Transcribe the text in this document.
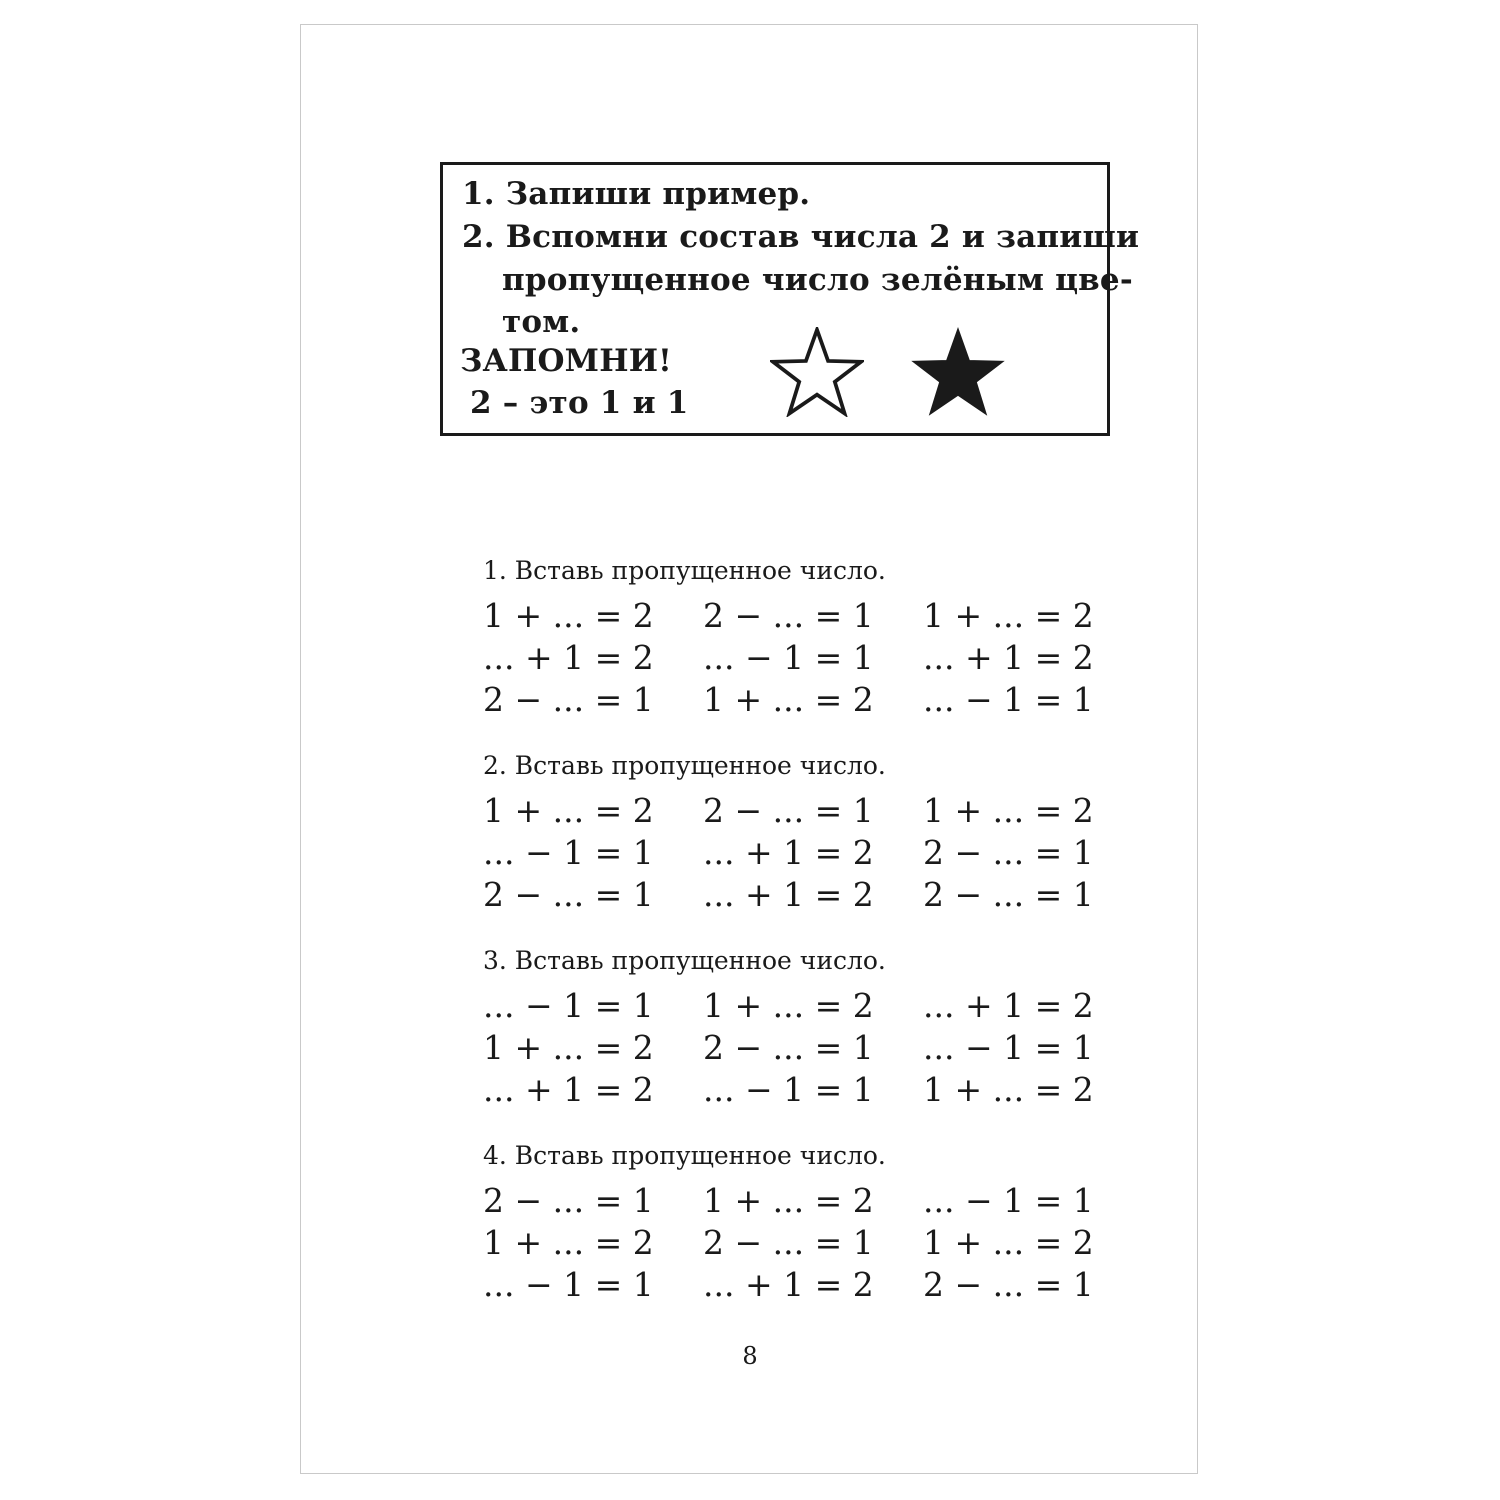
1. Запиши пример.
2. Вспомни состав числа 2 и запиши
пропущенное число зелёным цве-
том.
ЗАПОМНИ!
2 – это 1 и 1
1. Вставь пропущенное число.
1 + ... = 2 2 − ... = 1 1 + ... = 2
... + 1 = 2 ... − 1 = 1 ... + 1 = 2
2 − ... = 1 1 + ... = 2 ... − 1 = 1
2. Вставь пропущенное число.
1 + ... = 2 2 − ... = 1 1 + ... = 2
... − 1 = 1 ... + 1 = 2 2 − ... = 1
2 − ... = 1 ... + 1 = 2 2 − ... = 1
3. Вставь пропущенное число.
... − 1 = 1 1 + ... = 2 ... + 1 = 2
1 + ... = 2 2 − ... = 1 ... − 1 = 1
... + 1 = 2 ... − 1 = 1 1 + ... = 2
4. Вставь пропущенное число.
2 − ... = 1 1 + ... = 2 ... − 1 = 1
1 + ... = 2 2 − ... = 1 1 + ... = 2
... − 1 = 1 ... + 1 = 2 2 − ... = 1
8
